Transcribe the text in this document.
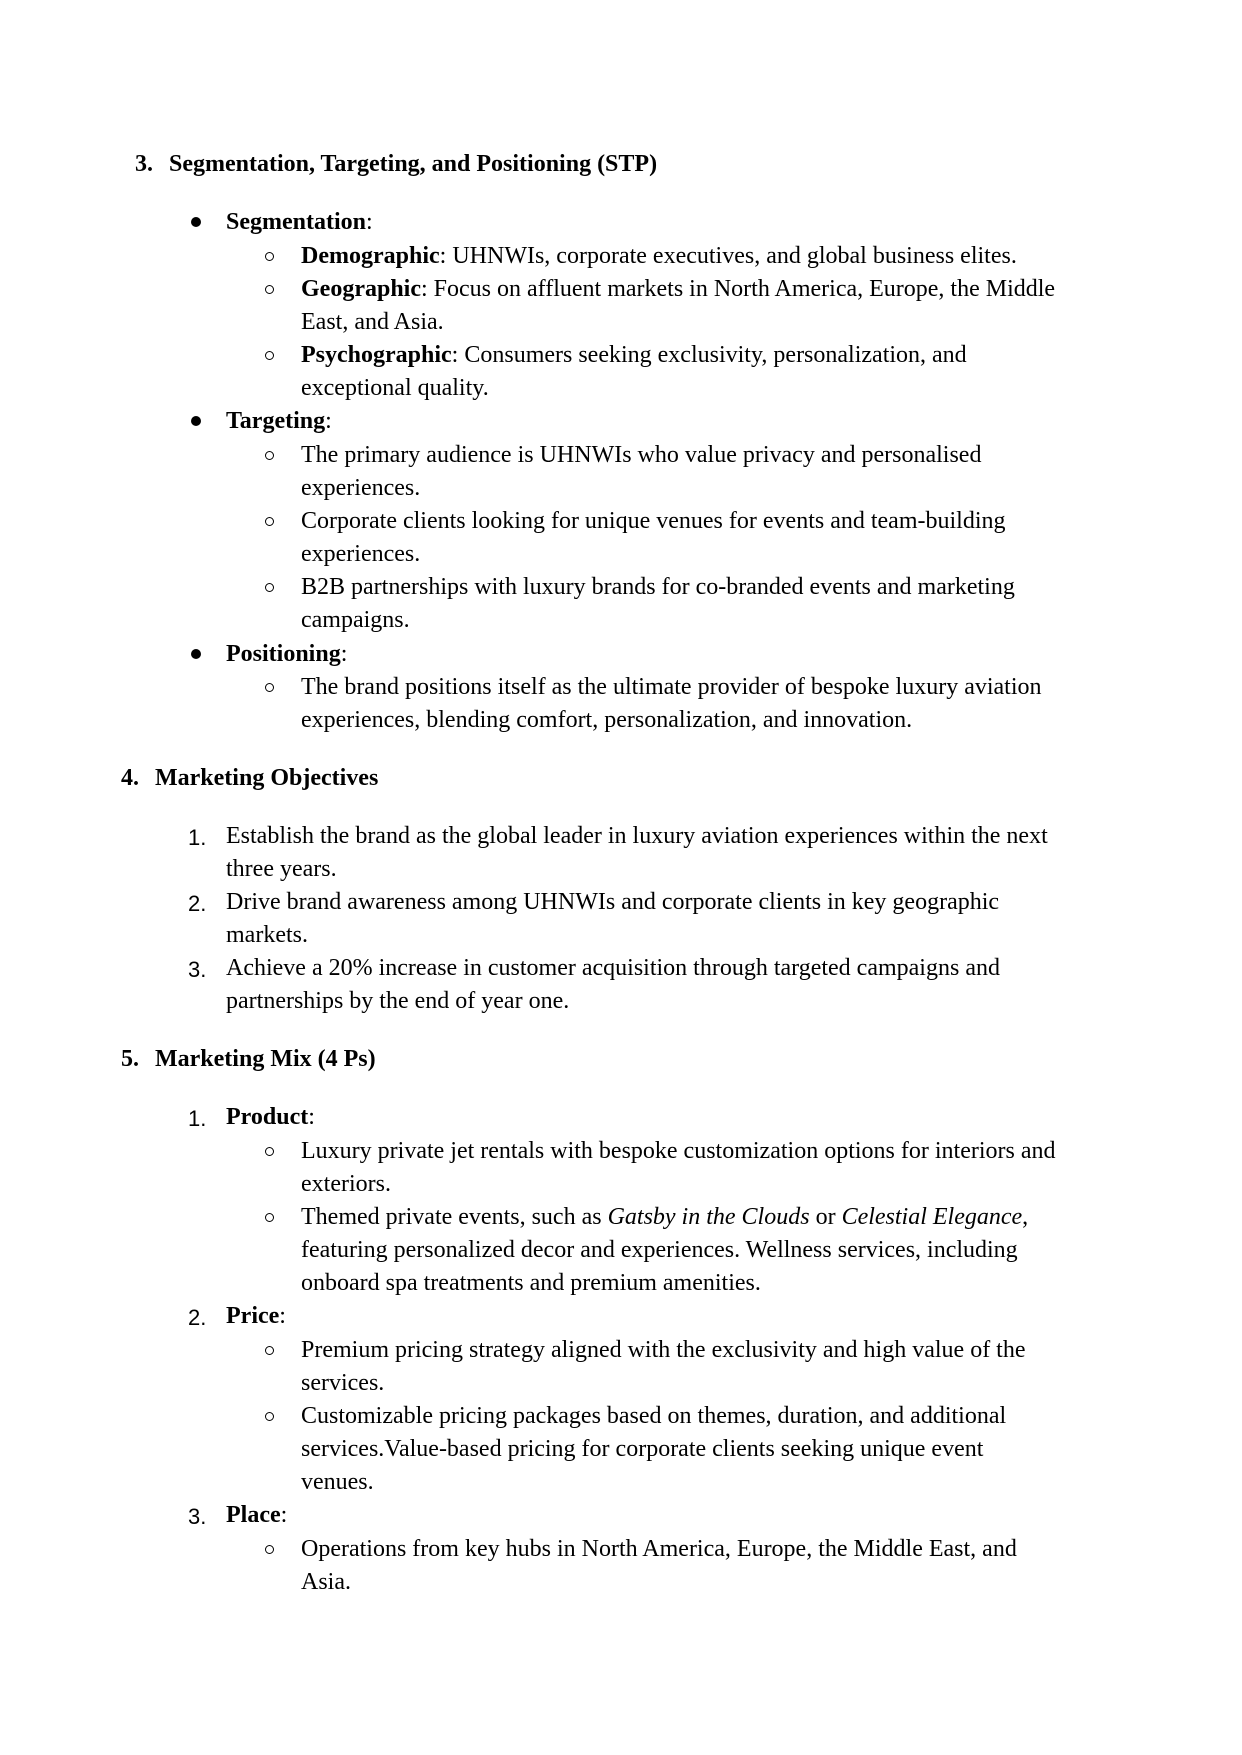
3. Segmentation, Targeting, and Positioning (STP)
Segmentation:
Demographic: UHNWIs, corporate executives, and global business elites.
Geographic: Focus on affluent markets in North America, Europe, the Middle
East, and Asia.
Psychographic: Consumers seeking exclusivity, personalization, and
exceptional quality.
Targeting:
The primary audience is UHNWIs who value privacy and personalised
experiences.
Corporate clients looking for unique venues for events and team-building
experiences.
B2B partnerships with luxury brands for co-branded events and marketing
campaigns.
Positioning:
The brand positions itself as the ultimate provider of bespoke luxury aviation
experiences, blending comfort, personalization, and innovation.
4. Marketing Objectives
1. Establish the brand as the global leader in luxury aviation experiences within the next
three years.
2. Drive brand awareness among UHNWIs and corporate clients in key geographic
markets.
3. Achieve a 20% increase in customer acquisition through targeted campaigns and
partnerships by the end of year one.
5. Marketing Mix (4 Ps)
1. Product:
Luxury private jet rentals with bespoke customization options for interiors and
exteriors.
Themed private events, such as Gatsby in the Clouds or Celestial Elegance,
featuring personalized decor and experiences. Wellness services, including
onboard spa treatments and premium amenities.
2. Price:
Premium pricing strategy aligned with the exclusivity and high value of the
services.
Customizable pricing packages based on themes, duration, and additional
services.Value-based pricing for corporate clients seeking unique event
venues.
3. Place:
Operations from key hubs in North America, Europe, the Middle East, and
Asia.
